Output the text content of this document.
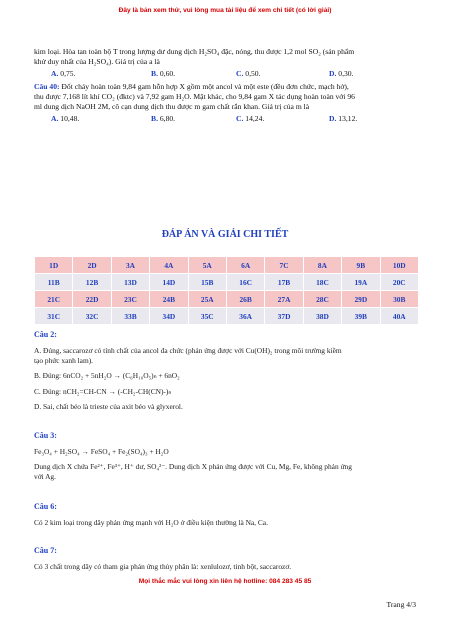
Đây là bản xem thử, vui lòng mua tài liệu để xem chi tiết (có lời giải)
kim loại. Hòa tan toàn bộ T trong lượng dư dung dịch H₂SO₄ đặc, nóng, thu được 1,2 mol SO₂ (sản phẩm
khử duy nhất của H₂SO₄). Giá trị của a là
A. 0,75.	B. 0,60.	C. 0,50.	D. 0,30.
Câu 40: Đốt cháy hoàn toàn 9,84 gam hỗn hợp X gồm một ancol và một este (đều đơn chức, mạch hở),
thu được 7,168 lít khí CO₂ (đktc) và 7,92 gam H₂O. Mặt khác, cho 9,84 gam X tác dụng hoàn toàn với 96
ml dung dịch NaOH 2M, cô cạn dung dịch thu được m gam chất rắn khan. Giá trị của m là
A. 10,48.	B. 6,80.	C. 14,24.	D. 13,12.
ĐÁP ÁN VÀ GIẢI CHI TIẾT
1D	2D	3A	4A	5A	6A	7C	8A	9B	10D
11B	12B	13D	14D	15B	16C	17B	18C	19A	20C
21C	22D	23C	24B	25A	26B	27A	28C	29D	30B
31C	32C	33B	34D	35C	36A	37D	38D	39B	40A
Câu 2:
A. Đúng, saccarozơ có tính chất của ancol đa chức (phản ứng được với Cu(OH)₂ trong môi trường kiềm
tạo phức xanh lam).
B. Đúng: 6nCO₂ + 5nH₂O → (C₆H₁₀O₅)ₙ + 6nO₂
C. Đúng: nCH₂=CH-CN → (-CH₂-CH(CN)-)ₙ
D. Sai, chất béo là trieste của axit béo và glyxerol.
Câu 3:
Fe₃O₄ + H₂SO₄ → FeSO₄ + Fe₂(SO₄)₃ + H₂O
Dung dịch X chứa Fe²⁺, Fe³⁺, H⁺ dư, SO₄²⁻. Dung dịch X phản ứng được với Cu, Mg, Fe, không phản ứng
với Ag.
Câu 6:
Có 2 kim loại trong dãy phản ứng mạnh với H₂O ở điều kiện thường là Na, Ca.
Câu 7:
Có 3 chất trong dãy có tham gia phản ứng thủy phân là: xenlulozơ, tinh bột, saccarozơ.
Mọi thắc mắc vui lòng xin liên hệ hotline: 084 283 45 85
Trang 4/3
